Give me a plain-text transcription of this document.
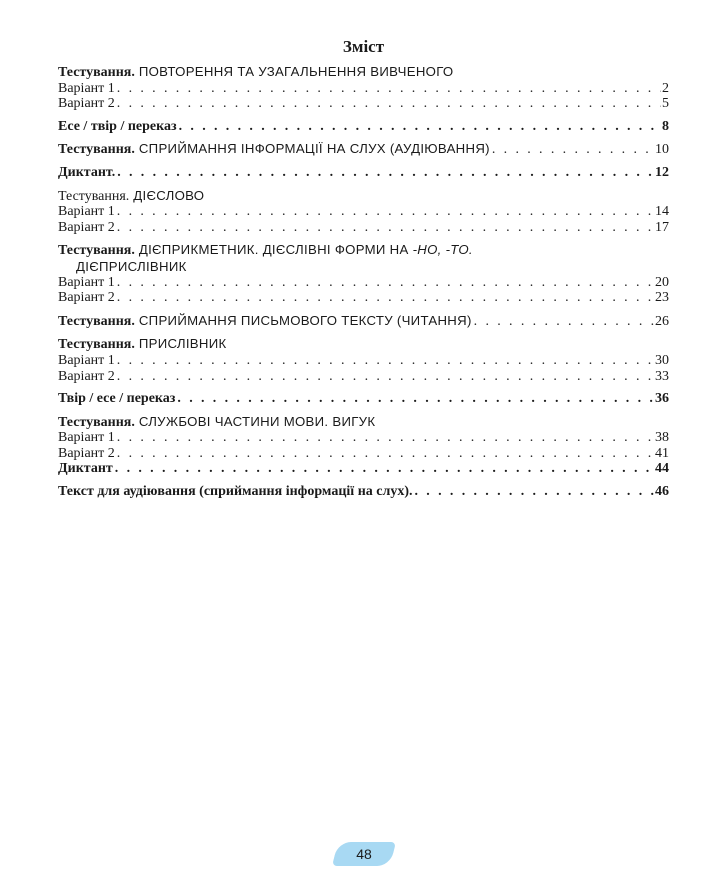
Зміст
Тестування. ПОВТОРЕННЯ ТА УЗАГАЛЬНЕННЯ ВИВЧЕНОГО
Варіант 1 . . .	2
Варіант 2 . . .	5
Есе / твір / переказ . . .	8
Тестування. СПРИЙМАННЯ ІНФОРМАЦІЇ НА СЛУХ (АУДІЮВАННЯ) . . .	10
Диктант. . . .	12
Тестування. ДІЄСЛОВО
Варіант 1 . . .	14
Варіант 2 . . .	17
Тестування. ДІЄПРИКМЕТНИК. ДІЄСЛІВНІ ФОРМИ НА -НО, -ТО.
ДІЄПРИСЛІВНИК
Варіант 1 . . .	20
Варіант 2 . . .	23
Тестування. СПРИЙМАННЯ ПИСЬМОВОГО ТЕКСТУ (ЧИТАННЯ) . . .	26
Тестування. ПРИСЛІВНИК
Варіант 1 . . .	30
Варіант 2 . . .	33
Твір / есе / переказ . . .	36
Тестування. СЛУЖБОВІ ЧАСТИНИ МОВИ. ВИГУК
Варіант 1 . . .	38
Варіант 2 . . .	41
Диктант . . .	44
Текст для аудіювання (сприймання інформації на слух). . . .	46
48
